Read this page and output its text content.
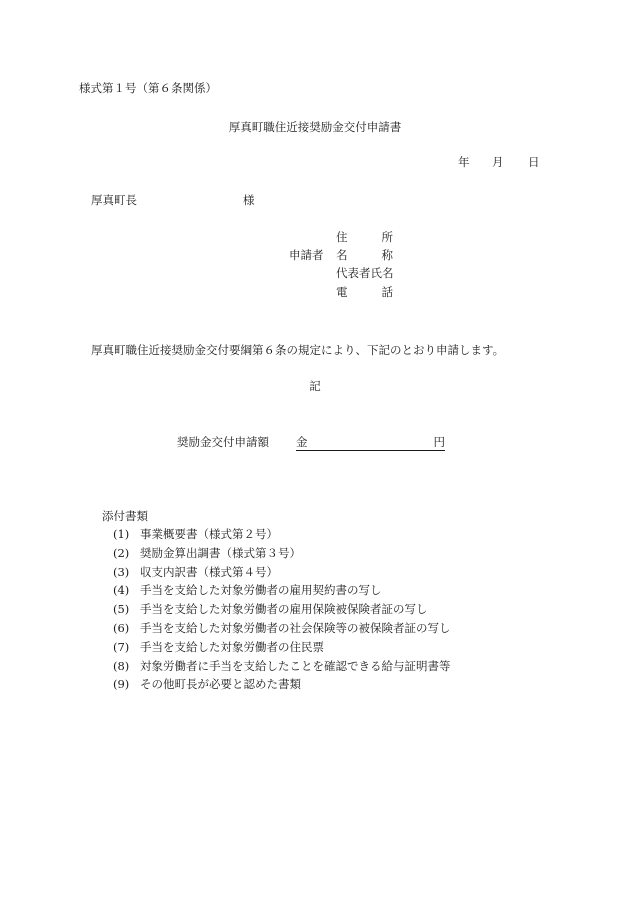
様式第１号（第６条関係）
厚真町職住近接奨励金交付申請書
年	月	日
厚真町長	様
申請者
住	所
名	称
代表者氏名
電	話
厚真町職住近接奨励金交付要綱第６条の規定により、下記のとおり申請します。
記
奨励金交付申請額 金	円
添付書類
(1) 事業概要書（様式第２号）
(2) 奨励金算出調書（様式第３号）
(3) 収支内訳書（様式第４号）
(4) 手当を支給した対象労働者の雇用契約書の写し
(5) 手当を支給した対象労働者の雇用保険被保険者証の写し
(6) 手当を支給した対象労働者の社会保険等の被保険者証の写し
(7) 手当を支給した対象労働者の住民票
(8) 対象労働者に手当を支給したことを確認できる給与証明書等
(9) その他町長が必要と認めた書類
